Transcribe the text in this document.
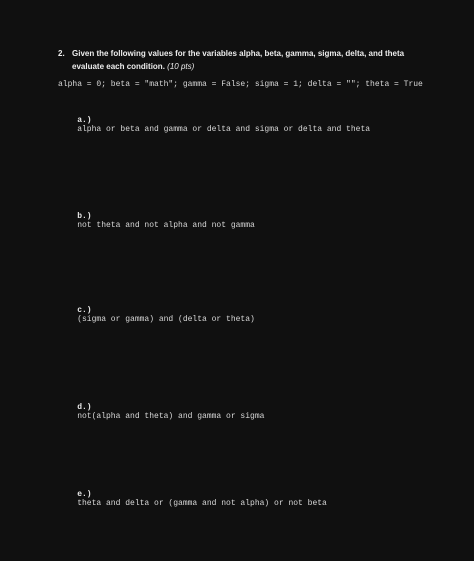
2. Given the following values for the variables alpha, beta, gamma, sigma, delta, and theta evaluate each condition. (10 pts)
alpha = 0; beta = "math"; gamma = False; sigma = 1; delta = ""; theta = True

a.)
alpha or beta and gamma or delta and sigma or delta and theta

b.)
not theta and not alpha and not gamma

c.)
(sigma or gamma) and (delta or theta)

d.)
not(alpha and theta) and gamma or sigma

e.)
theta and delta or (gamma and not alpha) or not beta
